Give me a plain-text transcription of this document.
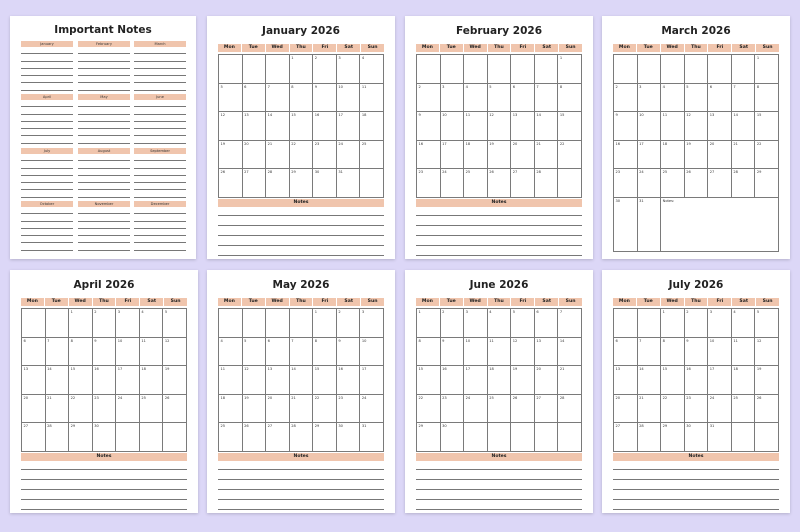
Important Notes
January	February	March
April	May	June
July	August	September
October	November	December
January 2026
Mon	Tue	Wed	Thu	Fri	Sat	Sun

			1	2	3	4

5	6	7	8	9	10	11

12	13	14	15	16	17	18

19	20	21	22	23	24	25

26	27	28	29	30	31	

Notes
February 2026
Mon	Tue	Wed	Thu	Fri	Sat	Sun

						1

2	3	4	5	6	7	8

9	10	11	12	13	14	15

16	17	18	19	20	21	22

23	24	25	26	27	28	

Notes
March 2026
Mon	Tue	Wed	Thu	Fri	Sat	Sun

						1

2	3	4	5	6	7	8

9	10	11	12	13	14	15

16	17	18	19	20	21	22

23	24	25	26	27	28	29

30	31	Notes:				
April 2026
Mon	Tue	Wed	Thu	Fri	Sat	Sun

		1	2	3	4	5

6	7	8	9	10	11	12

13	14	15	16	17	18	19

20	21	22	23	24	25	26

27	28	29	30			

Notes
May 2026
Mon	Tue	Wed	Thu	Fri	Sat	Sun

				1	2	3

4	5	6	7	8	9	10

11	12	13	14	15	16	17

18	19	20	21	22	23	24

25	26	27	28	29	30	31
Notes
June 2026
Mon	Tue	Wed	Thu	Fri	Sat	Sun
1	2	3	4	5	6	7

8	9	10	11	12	13	14

15	16	17	18	19	20	21

22	23	24	25	26	27	28

29	30					

Notes
July 2026
Mon	Tue	Wed	Thu	Fri	Sat	Sun

		1	2	3	4	5

6	7	8	9	10	11	12

13	14	15	16	17	18	19

20	21	22	23	24	25	26

27	28	29	30	31		

Notes
